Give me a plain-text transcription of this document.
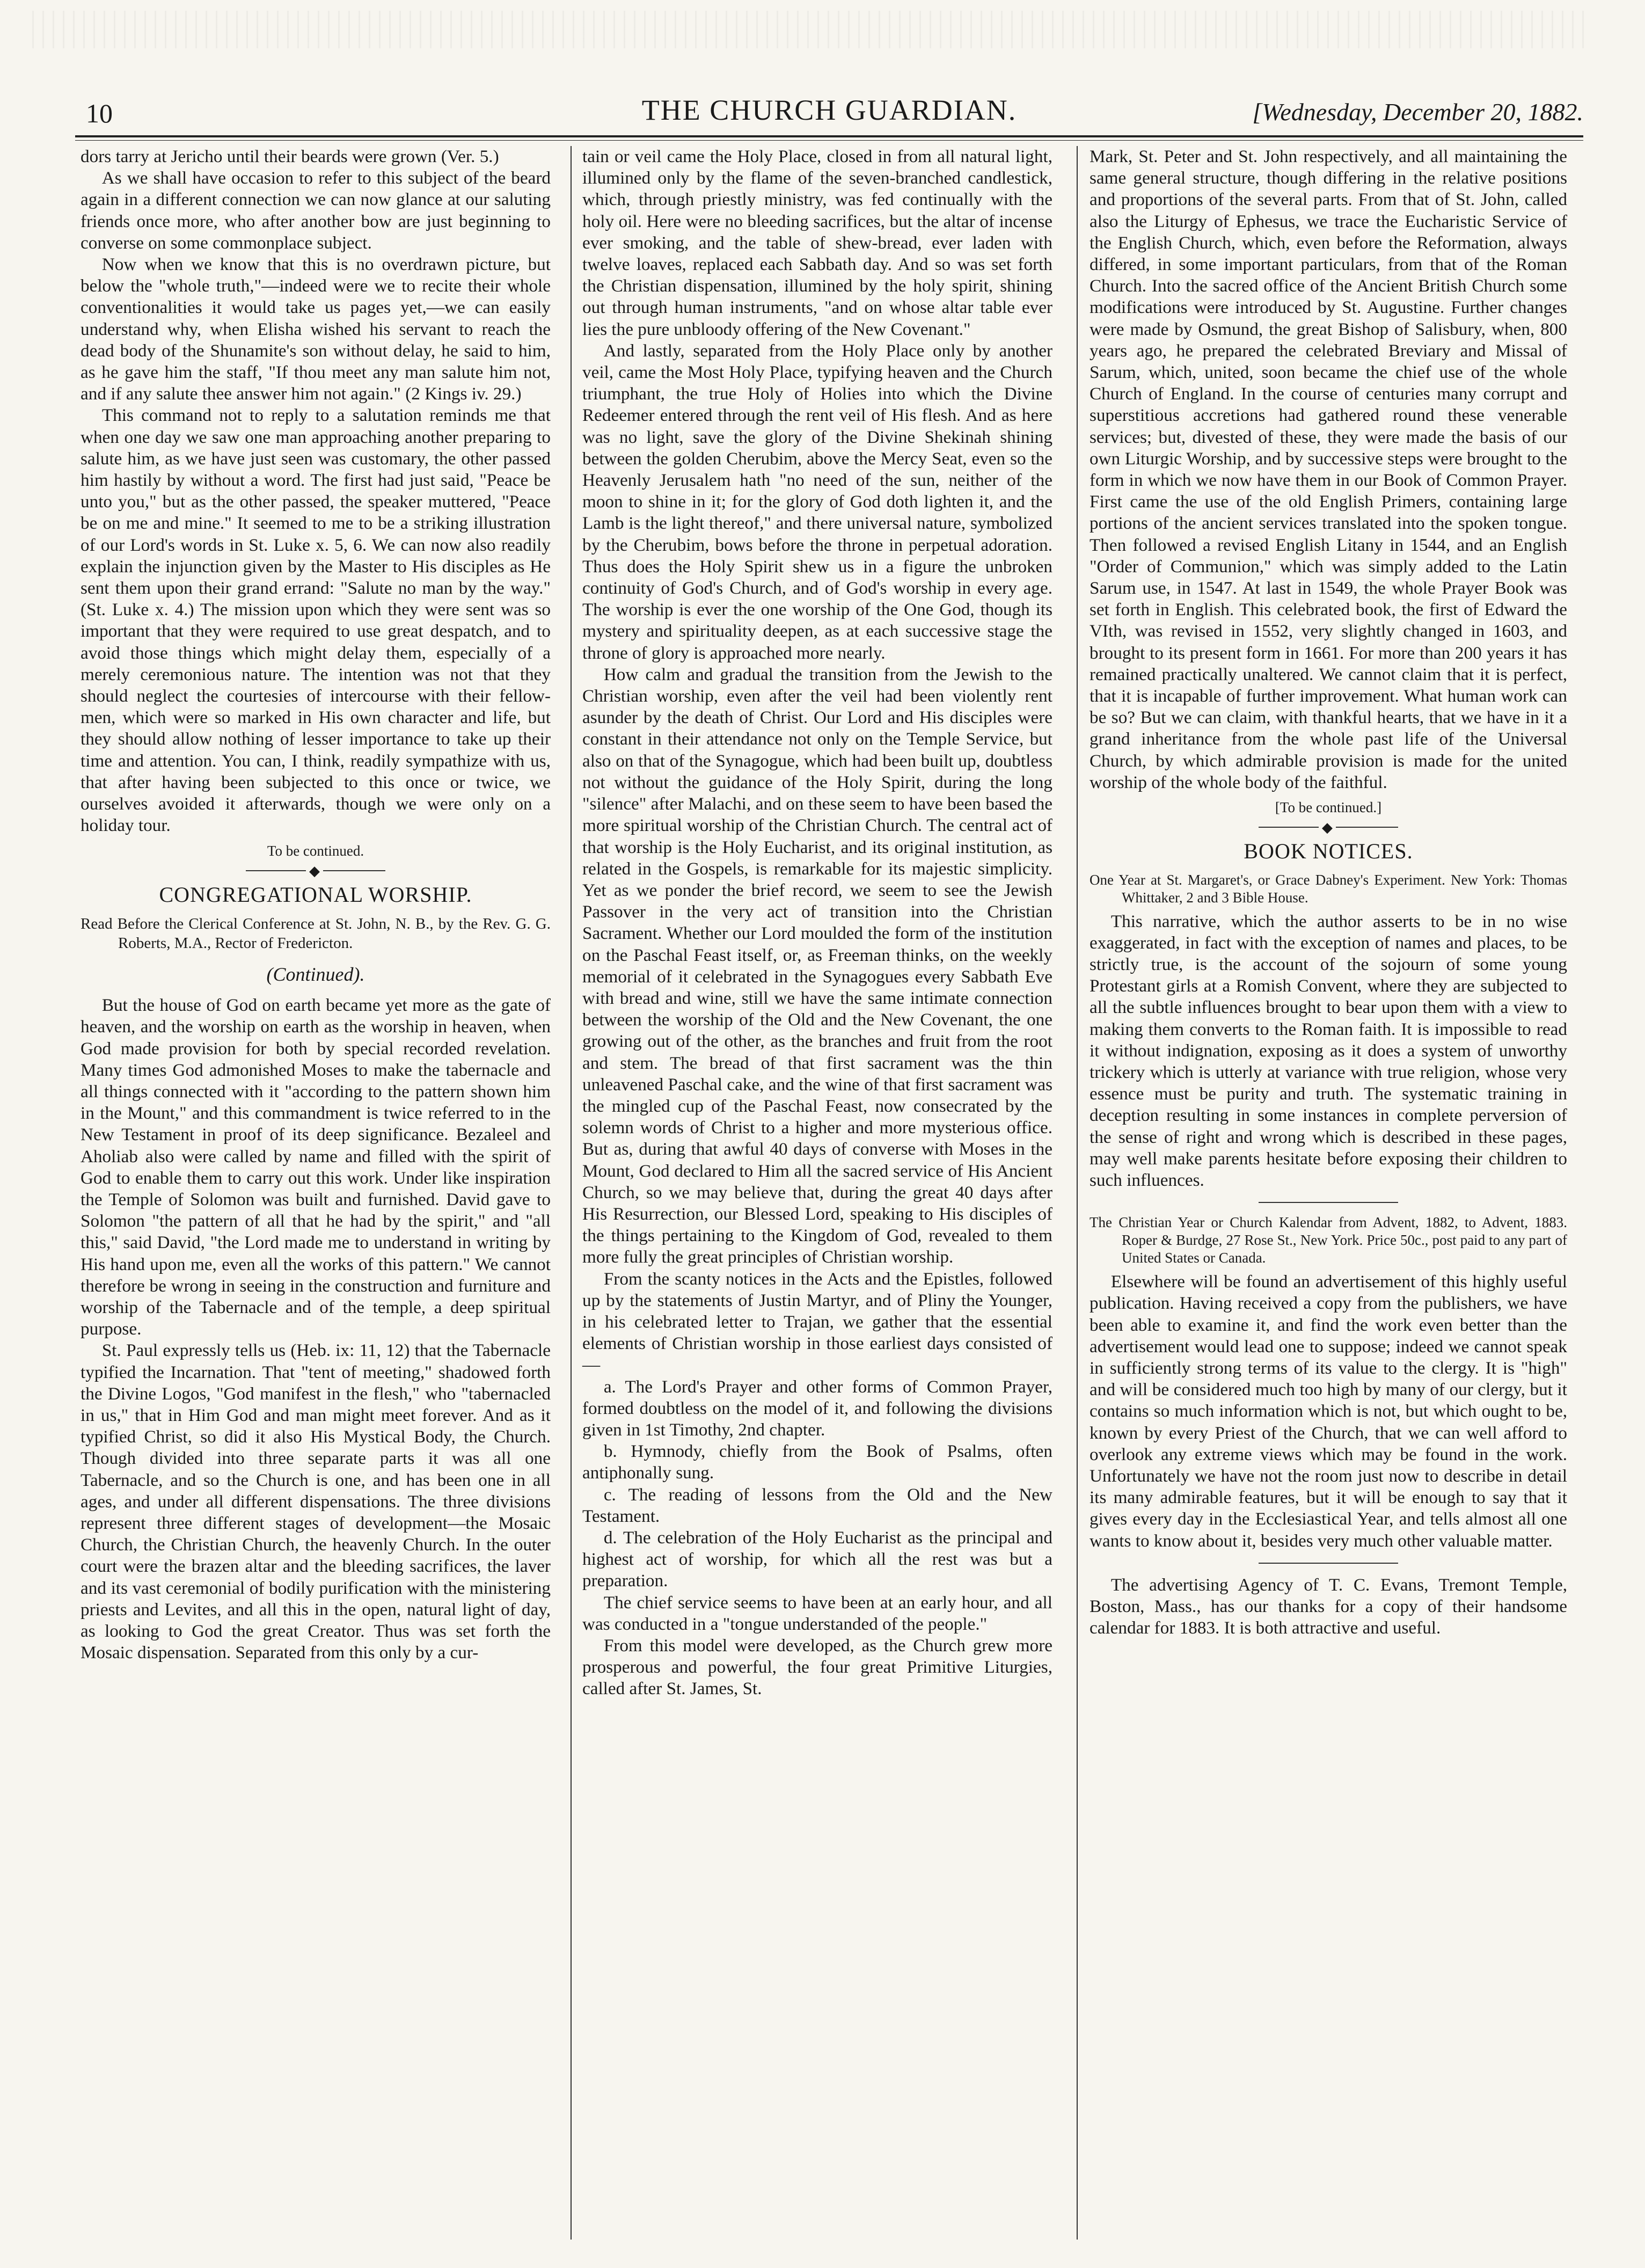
10	THE CHURCH GUARDIAN.	[Wednesday, December 20, 1882.

dors tarry at Jericho until their beards were grown (Ver. 5.)

As we shall have occasion to refer to this subject of the beard again in a different connection we can now glance at our saluting friends once more, who after another bow are just beginning to converse on some commonplace subject.

Now when we know that this is no overdrawn picture, but below the "whole truth,"—indeed were we to recite their whole conventionalities it would take us pages yet,—we can easily understand why, when Elisha wished his servant to reach the dead body of the Shunamite's son without delay, he said to him, as he gave him the staff, "If thou meet any man salute him not, and if any salute thee answer him not again." (2 Kings iv. 29.)

This command not to reply to a salutation reminds me that when one day we saw one man approaching another preparing to salute him, as we have just seen was customary, the other passed him hastily by without a word. The first had just said, "Peace be unto you," but as the other passed, the speaker muttered, "Peace be on me and mine." It seemed to me to be a striking illustration of our Lord's words in St. Luke x. 5, 6. We can now also readily explain the injunction given by the Master to His disciples as He sent them upon their grand errand: "Salute no man by the way." (St. Luke x. 4.) The mission upon which they were sent was so important that they were required to use great despatch, and to avoid those things which might delay them, especially of a merely ceremonious nature. The intention was not that they should neglect the courtesies of intercourse with their fellow-men, which were so marked in His own character and life, but they should allow nothing of lesser importance to take up their time and attention. You can, I think, readily sympathize with us, that after having been subjected to this once or twice, we ourselves avoided it afterwards, though we were only on a holiday tour.

To be continued.

◆

CONGREGATIONAL WORSHIP.

Read Before the Clerical Conference at St. John, N. B., by the Rev. G. G. Roberts, M.A., Rector of Fredericton.

(Continued).

But the house of God on earth became yet more as the gate of heaven, and the worship on earth as the worship in heaven, when God made provision for both by special recorded revelation. Many times God admonished Moses to make the tabernacle and all things connected with it "according to the pattern shown him in the Mount," and this commandment is twice referred to in the New Testament in proof of its deep significance. Bezaleel and Aholiab also were called by name and filled with the spirit of God to enable them to carry out this work. Under like inspiration the Temple of Solomon was built and furnished. David gave to Solomon "the pattern of all that he had by the spirit," and "all this," said David, "the Lord made me to understand in writing by His hand upon me, even all the works of this pattern." We cannot therefore be wrong in seeing in the construction and furniture and worship of the Tabernacle and of the temple, a deep spiritual purpose.

St. Paul expressly tells us (Heb. ix: 11, 12) that the Tabernacle typified the Incarnation. That "tent of meeting," shadowed forth the Divine Logos, "God manifest in the flesh," who "tabernacled in us," that in Him God and man might meet forever. And as it typified Christ, so did it also His Mystical Body, the Church. Though divided into three separate parts it was all one Tabernacle, and so the Church is one, and has been one in all ages, and under all different dispensations. The three divisions represent three different stages of development—the Mosaic Church, the Christian Church, the heavenly Church. In the outer court were the brazen altar and the bleeding sacrifices, the laver and its vast ceremonial of bodily purification with the ministering priests and Levites, and all this in the open, natural light of day, as looking to God the great Creator. Thus was set forth the Mosaic dispensation. Separated from this only by a cur-

tain or veil came the Holy Place, closed in from all natural light, illumined only by the flame of the seven-branched candlestick, which, through priestly ministry, was fed continually with the holy oil. Here were no bleeding sacrifices, but the altar of incense ever smoking, and the table of shew-bread, ever laden with twelve loaves, replaced each Sabbath day. And so was set forth the Christian dispensation, illumined by the holy spirit, shining out through human instruments, "and on whose altar table ever lies the pure unbloody offering of the New Covenant."

And lastly, separated from the Holy Place only by another veil, came the Most Holy Place, typifying heaven and the Church triumphant, the true Holy of Holies into which the Divine Redeemer entered through the rent veil of His flesh. And as here was no light, save the glory of the Divine Shekinah shining between the golden Cherubim, above the Mercy Seat, even so the Heavenly Jerusalem hath "no need of the sun, neither of the moon to shine in it; for the glory of God doth lighten it, and the Lamb is the light thereof," and there universal nature, symbolized by the Cherubim, bows before the throne in perpetual adoration. Thus does the Holy Spirit shew us in a figure the unbroken continuity of God's Church, and of God's worship in every age. The worship is ever the one worship of the One God, though its mystery and spirituality deepen, as at each successive stage the throne of glory is approached more nearly.

How calm and gradual the transition from the Jewish to the Christian worship, even after the veil had been violently rent asunder by the death of Christ. Our Lord and His disciples were constant in their attendance not only on the Temple Service, but also on that of the Synagogue, which had been built up, doubtless not without the guidance of the Holy Spirit, during the long "silence" after Malachi, and on these seem to have been based the more spiritual worship of the Christian Church. The central act of that worship is the Holy Eucharist, and its original institution, as related in the Gospels, is remarkable for its majestic simplicity. Yet as we ponder the brief record, we seem to see the Jewish Passover in the very act of transition into the Christian Sacrament. Whether our Lord moulded the form of the institution on the Paschal Feast itself, or, as Freeman thinks, on the weekly memorial of it celebrated in the Synagogues every Sabbath Eve with bread and wine, still we have the same intimate connection between the worship of the Old and the New Covenant, the one growing out of the other, as the branches and fruit from the root and stem. The bread of that first sacrament was the thin unleavened Paschal cake, and the wine of that first sacrament was the mingled cup of the Paschal Feast, now consecrated by the solemn words of Christ to a higher and more mysterious office. But as, during that awful 40 days of converse with Moses in the Mount, God declared to Him all the sacred service of His Ancient Church, so we may believe that, during the great 40 days after His Resurrection, our Blessed Lord, speaking to His disciples of the things pertaining to the Kingdom of God, revealed to them more fully the great principles of Christian worship.

From the scanty notices in the Acts and the Epistles, followed up by the statements of Justin Martyr, and of Pliny the Younger, in his celebrated letter to Trajan, we gather that the essential elements of Christian worship in those earliest days consisted of—

a. The Lord's Prayer and other forms of Common Prayer, formed doubtless on the model of it, and following the divisions given in 1st Timothy, 2nd chapter.

b. Hymnody, chiefly from the Book of Psalms, often antiphonally sung.

c. The reading of lessons from the Old and the New Testament.

d. The celebration of the Holy Eucharist as the principal and highest act of worship, for which all the rest was but a preparation.

The chief service seems to have been at an early hour, and all was conducted in a "tongue understanded of the people."

From this model were developed, as the Church grew more prosperous and powerful, the four great Primitive Liturgies, called after St. James, St.

Mark, St. Peter and St. John respectively, and all maintaining the same general structure, though differing in the relative positions and proportions of the several parts. From that of St. John, called also the Liturgy of Ephesus, we trace the Eucharistic Service of the English Church, which, even before the Reformation, always differed, in some important particulars, from that of the Roman Church. Into the sacred office of the Ancient British Church some modifications were introduced by St. Augustine. Further changes were made by Osmund, the great Bishop of Salisbury, when, 800 years ago, he prepared the celebrated Breviary and Missal of Sarum, which, united, soon became the chief use of the whole Church of England. In the course of centuries many corrupt and superstitious accretions had gathered round these venerable services; but, divested of these, they were made the basis of our own Liturgic Worship, and by successive steps were brought to the form in which we now have them in our Book of Common Prayer. First came the use of the old English Primers, containing large portions of the ancient services translated into the spoken tongue. Then followed a revised English Litany in 1544, and an English "Order of Communion," which was simply added to the Latin Sarum use, in 1547. At last in 1549, the whole Prayer Book was set forth in English. This celebrated book, the first of Edward the VIth, was revised in 1552, very slightly changed in 1603, and brought to its present form in 1661. For more than 200 years it has remained practically unaltered. We cannot claim that it is perfect, that it is incapable of further improvement. What human work can be so? But we can claim, with thankful hearts, that we have in it a grand inheritance from the whole past life of the Universal Church, by which admirable provision is made for the united worship of the whole body of the faithful.

[To be continued.]

◆

BOOK NOTICES.

One Year at St. Margaret's, or Grace Dabney's Experiment. New York: Thomas Whittaker, 2 and 3 Bible House.

This narrative, which the author asserts to be in no wise exaggerated, in fact with the exception of names and places, to be strictly true, is the account of the sojourn of some young Protestant girls at a Romish Convent, where they are subjected to all the subtle influences brought to bear upon them with a view to making them converts to the Roman faith. It is impossible to read it without indignation, exposing as it does a system of unworthy trickery which is utterly at variance with true religion, whose very essence must be purity and truth. The systematic training in deception resulting in some instances in complete perversion of the sense of right and wrong which is described in these pages, may well make parents hesitate before exposing their children to such influences.

The Christian Year or Church Kalendar from Advent, 1882, to Advent, 1883. Roper & Burdge, 27 Rose St., New York. Price 50c., post paid to any part of United States or Canada.

Elsewhere will be found an advertisement of this highly useful publication. Having received a copy from the publishers, we have been able to examine it, and find the work even better than the advertisement would lead one to suppose; indeed we cannot speak in sufficiently strong terms of its value to the clergy. It is "high" and will be considered much too high by many of our clergy, but it contains so much information which is not, but which ought to be, known by every Priest of the Church, that we can well afford to overlook any extreme views which may be found in the work. Unfortunately we have not the room just now to describe in detail its many admirable features, but it will be enough to say that it gives every day in the Ecclesiastical Year, and tells almost all one wants to know about it, besides very much other valuable matter.

The advertising Agency of T. C. Evans, Tremont Temple, Boston, Mass., has our thanks for a copy of their handsome calendar for 1883. It is both attractive and useful.
